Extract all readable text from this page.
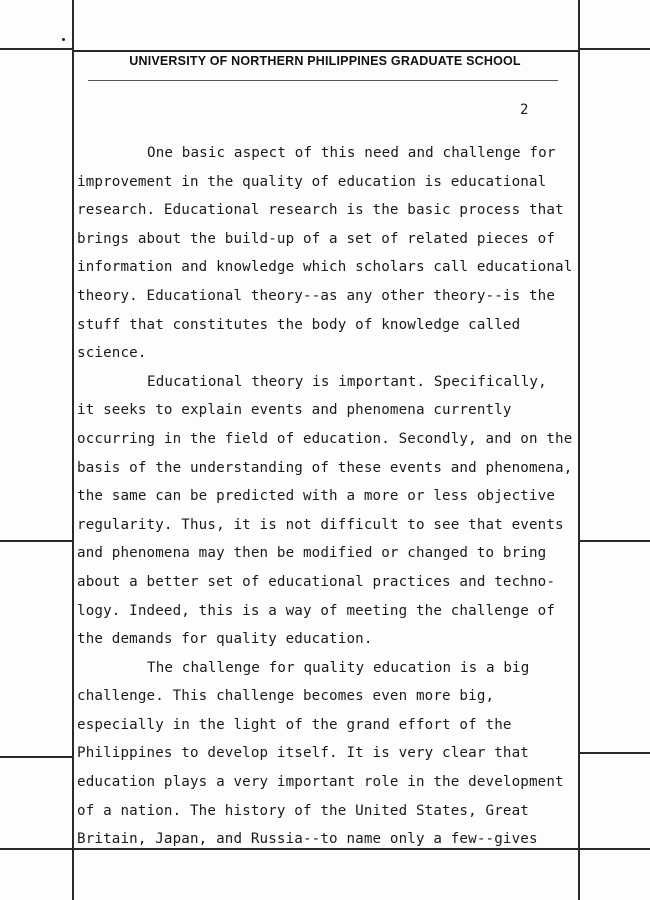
UNIVERSITY OF NORTHERN PHILIPPINES GRADUATE SCHOOL
2

One basic aspect of this need and challenge for
improvement in the quality of education is educational
research. Educational research is the basic process that
brings about the build-up of a set of related pieces of
information and knowledge which scholars call educational
theory. Educational theory--as any other theory--is the
stuff that constitutes the body of knowledge called
science.

Educational theory is important. Specifically,
it seeks to explain events and phenomena currently
occurring in the field of education. Secondly, and on the
basis of the understanding of these events and phenomena,
the same can be predicted with a more or less objective
regularity. Thus, it is not difficult to see that events
and phenomena may then be modified or changed to bring
about a better set of educational practices and techno-
logy. Indeed, this is a way of meeting the challenge of
the demands for quality education.

The challenge for quality education is a big
challenge. This challenge becomes even more big,
especially in the light of the grand effort of the
Philippines to develop itself. It is very clear that
education plays a very important role in the development
of a nation. The history of the United States, Great
Britain, Japan, and Russia--to name only a few--gives
